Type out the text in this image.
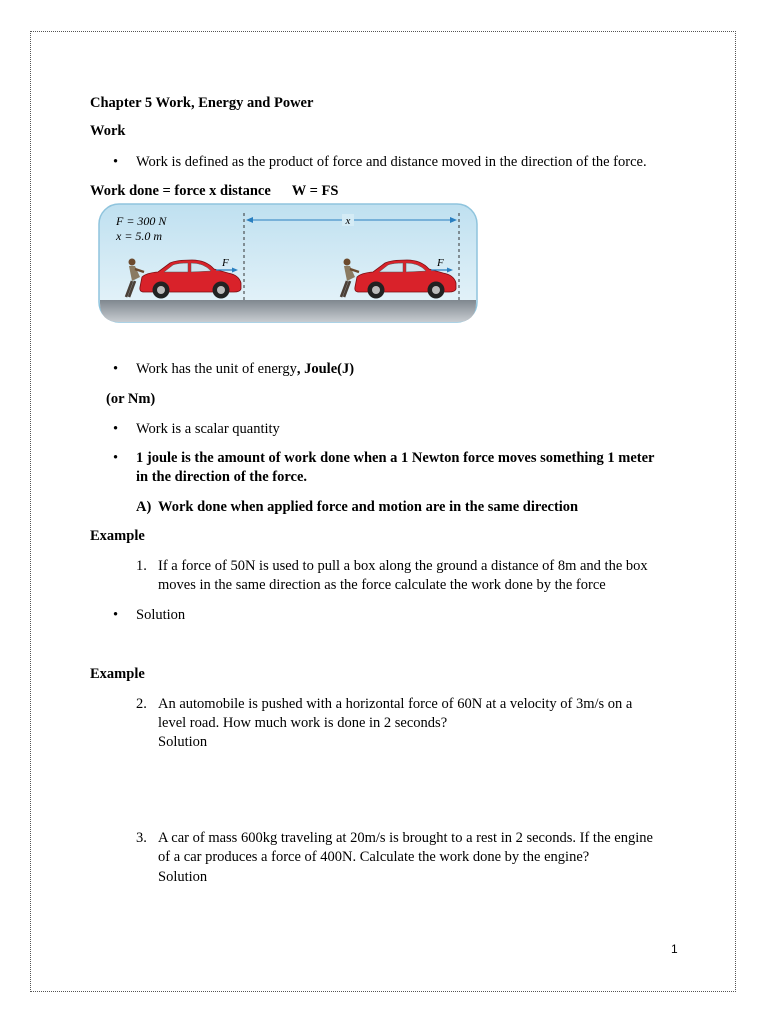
Chapter 5 Work, Energy and Power
Work
• Work is defined as the product of force and distance moved in the direction of the force.
Work done = force x distance W = FS
F = 300 N
x = 5.0 m
x
F	F
• Work has the unit of energy, Joule(J)
(or Nm)
• Work is a scalar quantity
• 1 joule is the amount of work done when a 1 Newton force moves something 1 meter
in the direction of the force.
A) Work done when applied force and motion are in the same direction
Example
1. If a force of 50N is used to pull a box along the ground a distance of 8m and the box
moves in the same direction as the force calculate the work done by the force
• Solution
Example
2. An automobile is pushed with a horizontal force of 60N at a velocity of 3m/s on a
level road. How much work is done in 2 seconds?
Solution
3. A car of mass 600kg traveling at 20m/s is brought to a rest in 2 seconds. If the engine
of a car produces a force of 400N. Calculate the work done by the engine?
Solution
1
